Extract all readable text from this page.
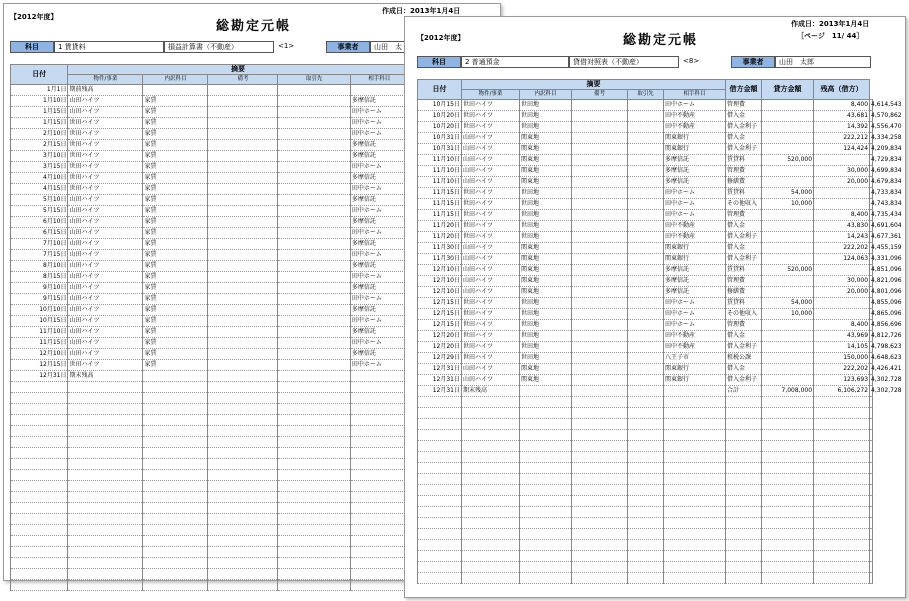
【2012年度】
総勘定元帳
作成日：2013年1月4日
科目	1 賃貸料	損益計算書（不動産）	<1>	事業者	山田　太
日付	摘要		
	物件/事業	内訳科目	備考	取引先	相手科目		
1月1日	期前残高						
1月10日	山田ハイツ	家賃			多摩信託		
1月15日	山田ハイツ	家賃			田中ホーム		
1月15日	世田ハイツ	家賃			田中ホーム		
2月10日	世田ハイツ	家賃			田中ホーム		
2月15日	世田ハイツ	家賃			多摩信託		
3月10日	世田ハイツ	家賃			多摩信託		
3月15日	世田ハイツ	家賃			田中ホーム		
4月10日	世田ハイツ	家賃			多摩信託		
4月15日	世田ハイツ	家賃			田中ホーム		
5月10日	山田ハイツ	家賃			多摩信託		
5月15日	山田ハイツ	家賃			田中ホーム		
6月10日	山田ハイツ	家賃			多摩信託		
6月15日	山田ハイツ	家賃			田中ホーム		
7月10日	山田ハイツ	家賃			多摩信託		
7月15日	山田ハイツ	家賃			田中ホーム		
8月10日	山田ハイツ	家賃			多摩信託		
8月15日	山田ハイツ	家賃			田中ホーム		
9月10日	山田ハイツ	家賃			多摩信託		
9月15日	山田ハイツ	家賃			田中ホーム		
10月10日	山田ハイツ	家賃			多摩信託		
10月15日	山田ハイツ	家賃			田中ホーム		
11月10日	山田ハイツ	家賃			多摩信託		
11月15日	山田ハイツ	家賃			田中ホーム		
12月10日	山田ハイツ	家賃			多摩信託		
12月15日	世田ハイツ	家賃			田中ホーム		
12月31日	期末残高						

【2012年度】	総勘定元帳
作成日：2013年1月4日
［ページ　11/ 44］
科目	2 普通預金	貸借対照表（不動産）	<8>	事業者	山田　太郎
日付	摘要					借方金額	貸方金額	残高（借方）	
	物件/事業	内訳科目	備考	取引先	相手科目				
10月15日	世田ハイツ	世田地			田中ホーム	管理費		8,400	4,614,543
10月20日	世田ハイツ	世田地			田中不動産	借入金		43,681	4,570,862
10月20日	世田ハイツ	世田地			田中不動産	借入金利子		14,392	4,556,470
10月31日	山田ハイツ	関東地			関東銀行	借入金		222,212	4,334,258
10月31日	山田ハイツ	関東地			関東銀行	借入金利子		124,424	4,209,834
11月10日	山田ハイツ	関東地			多摩信託	賃貸料	520,000		4,729,834
11月10日	山田ハイツ	関東地			多摩信託	管理費		30,000	4,699,834
11月10日	山田ハイツ	関東地			多摩信託	修繕費		20,000	4,679,834
11月15日	世田ハイツ	世田地			田中ホーム	賃貸料	54,000		4,733,834
11月15日	世田ハイツ	世田地			田中ホーム	その他収入	10,000		4,743,834
11月15日	世田ハイツ	世田地			田中ホーム	管理費		8,400	4,735,434
11月20日	世田ハイツ	世田地			田中不動産	借入金		43,830	4,691,604
11月20日	世田ハイツ	世田地			田中不動産	借入金利子		14,243	4,677,361
11月30日	山田ハイツ	関東地			関東銀行	借入金		222,202	4,455,159
11月30日	山田ハイツ	関東地			関東銀行	借入金利子		124,063	4,331,096
12月10日	山田ハイツ	関東地			多摩信託	賃貸料	520,000		4,851,096
12月10日	山田ハイツ	関東地			多摩信託	管理費		30,000	4,821,096
12月10日	山田ハイツ	関東地			多摩信託	修繕費		20,000	4,801,096
12月15日	世田ハイツ	世田地			田中ホーム	賃貸料	54,000		4,855,096
12月15日	世田ハイツ	世田地			田中ホーム	その他収入	10,000		4,865,096
12月15日	世田ハイツ	世田地			田中ホーム	管理費		8,400	4,856,696
12月20日	世田ハイツ	世田地			田中不動産	借入金		43,969	4,812,726
12月20日	世田ハイツ	世田地			田中不動産	借入金利子		14,105	4,798,623
12月29日	世田ハイツ	世田地			八王子市	租税公課		150,000	4,648,623
12月31日	山田ハイツ	関東地			関東銀行	借入金		222,202	4,426,421
12月31日	山田ハイツ	関東地			関東銀行	借入金利子		123,693	4,302,728
12月31日	期末残高					合計	7,008,000	6,106,272	4,302,728
